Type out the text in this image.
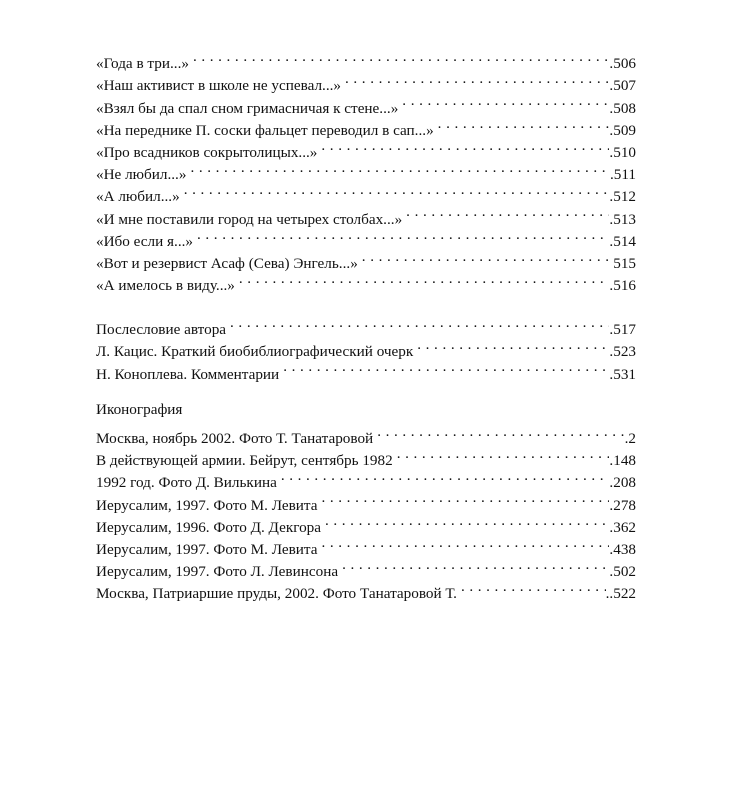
«Года в три...» . . .	.506
«Наш активист в школе не успевал...» . . .	.507
«Взял бы да спал сном гримасничая к стене...» . . .	.508
«На переднике П. соски фальцет переводил в сап...» . . .	.509
«Про всадников сокрытолицых...» . . .	.510
«Не любил...» . . .	.511
«А любил...» . . .	.512
«И мне поставили город на четырех столбах...» . . .	.513
«Ибо если я...» . . .	.514
«Вот и резервист Асаф (Сева) Энгель...» . . .	515
«А имелось в виду...» . . .	.516
Послесловие автора . . .	.517
Л. Кацис. Краткий биобиблиографический очерк . . .	.523
Н. Коноплева. Комментарии . . .	.531
Иконография
Москва, ноябрь 2002. Фото Т. Танатаровой . . .	.2
В действующей армии. Бейрут, сентябрь 1982 . . .	.148
1992 год. Фото Д. Вилькина . . .	.208
Иерусалим, 1997. Фото М. Левита . . .	.278
Иерусалим, 1996. Фото Д. Декгора . . .	.362
Иерусалим, 1997. Фото М. Левита . . .	.438
Иерусалим, 1997. Фото Л. Левинсона . . .	.502
Москва, Патриаршие пруды, 2002. Фото Танатаровой Т. . . .	..522
